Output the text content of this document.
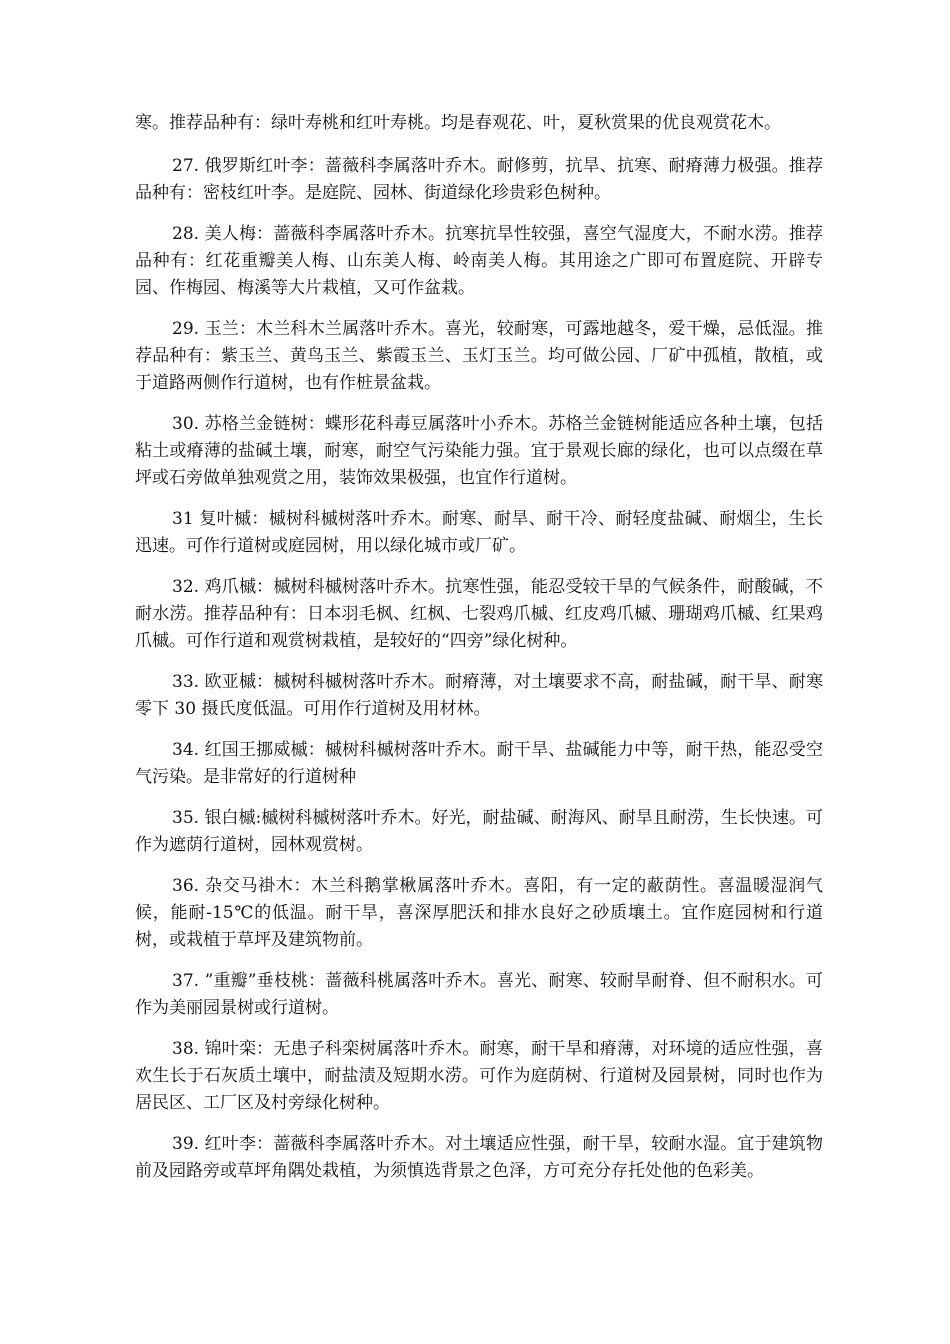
寒。推荐品种有：绿叶寿桃和红叶寿桃。均是春观花、叶，夏秋赏果的优良观赏花木。

27. 俄罗斯红叶李：蔷薇科李属落叶乔木。耐修剪，抗旱、抗寒、耐瘠薄力极强。推荐品种有：密枝红叶李。是庭院、园林、街道绿化珍贵彩色树种。

28. 美人梅：蔷薇科李属落叶乔木。抗寒抗旱性较强，喜空气湿度大，不耐水涝。推荐品种有：红花重瓣美人梅、山东美人梅、岭南美人梅。其用途之广即可布置庭院、开辟专园、作梅园、梅溪等大片栽植，又可作盆栽。

29. 玉兰：木兰科木兰属落叶乔木。喜光，较耐寒，可露地越冬，爱干燥，忌低湿。推荐品种有：紫玉兰、黄鸟玉兰、紫霞玉兰、玉灯玉兰。均可做公园、厂矿中孤植，散植，或于道路两侧作行道树，也有作桩景盆栽。

30. 苏格兰金链树：蝶形花科毒豆属落叶小乔木。苏格兰金链树能适应各种土壤，包括粘土或瘠薄的盐碱土壤，耐寒，耐空气污染能力强。宜于景观长廊的绿化，也可以点缀在草坪或石旁做单独观赏之用，装饰效果极强，也宜作行道树。

31 复叶槭：槭树科槭树落叶乔木。耐寒、耐旱、耐干冷、耐轻度盐碱、耐烟尘，生长迅速。可作行道树或庭园树，用以绿化城市或厂矿。

32. 鸡爪槭：槭树科槭树落叶乔木。抗寒性强，能忍受较干旱的气候条件，耐酸碱，不耐水涝。推荐品种有：日本羽毛枫、红枫、七裂鸡爪槭、红皮鸡爪槭、珊瑚鸡爪槭、红果鸡爪槭。可作行道和观赏树栽植，是较好的“四旁”绿化树种。

33. 欧亚槭：槭树科槭树落叶乔木。耐瘠薄，对土壤要求不高，耐盐碱，耐干旱、耐寒零下 30 摄氏度低温。可用作行道树及用材林。

34. 红国王挪威槭：槭树科槭树落叶乔木。耐干旱、盐碱能力中等，耐干热，能忍受空气污染。是非常好的行道树种

35. 银白槭:槭树科槭树落叶乔木。好光，耐盐碱、耐海风、耐旱且耐涝，生长快速。可作为遮荫行道树，园林观赏树。

36. 杂交马褂木：木兰科鹅掌楸属落叶乔木。喜阳，有一定的蔽荫性。喜温暖湿润气候，能耐-15℃的低温。耐干旱，喜深厚肥沃和排水良好之砂质壤土。宜作庭园树和行道树，或栽植于草坪及建筑物前。

37. ”重瓣”垂枝桃：蔷薇科桃属落叶乔木。喜光、耐寒、较耐旱耐脊、但不耐积水。可作为美丽园景树或行道树。

38. 锦叶栾：无患子科栾树属落叶乔木。耐寒，耐干旱和瘠薄，对环境的适应性强，喜欢生长于石灰质土壤中，耐盐渍及短期水涝。可作为庭荫树、行道树及园景树，同时也作为居民区、工厂区及村旁绿化树种。

39. 红叶李：蔷薇科李属落叶乔木。对土壤适应性强，耐干旱，较耐水湿。宜于建筑物前及园路旁或草坪角隅处栽植，为须慎选背景之色泽，方可充分存托处他的色彩美。
